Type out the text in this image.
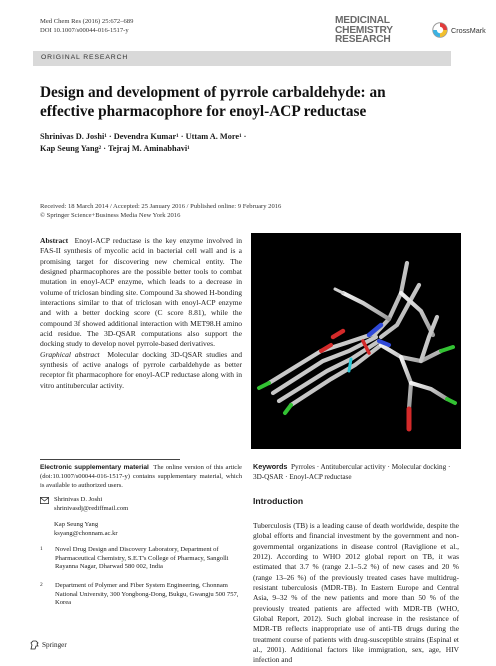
Med Chem Res (2016) 25:672–689
DOI 10.1007/s00044-016-1517-y
MEDICINAL
CHEMISTRY
RESEARCH
CrossMark
ORIGINAL RESEARCH
Design and development of pyrrole carbaldehyde: an effective pharmacophore for enoyl-ACP reductase
Shrinivas D. Joshi¹ · Devendra Kumar¹ · Uttam A. More¹ ·
Kap Seung Yang² · Tejraj M. Aminabhavi¹
Received: 18 March 2014 / Accepted: 25 January 2016 / Published online: 9 February 2016
© Springer Science+Business Media New York 2016

Abstract Enoyl-ACP reductase is the key enzyme involved in FAS-II synthesis of mycolic acid in bacterial cell wall and is a promising target for discovering new chemical entity. The designed pharmacophores are the possible better tools to combat mutation in enoyl-ACP enzyme, which leads to a decrease in volume of triclosan binding site. Compound 3a showed H-bonding interactions similar to that of triclosan with enoyl-ACP enzyme and with a better docking score (C score 8.81), while the compound 3f showed additional interaction with MET98.H amino acid residue. The 3D-QSAR computations also support the docking study to develop novel pyrrole-based derivatives.

Graphical abstract Molecular docking 3D-QSAR studies and synthesis of active analogs of pyrrole carbaldehyde as better receptor fit pharmacophore for enoyl-ACP reductase along with in vitro antitubercular activity.

Keywords Pyrroles · Antitubercular activity · Molecular docking · 3D-QSAR · Enoyl-ACP reductase
Introduction
Tuberculosis (TB) is a leading cause of death worldwide, despite the global efforts and financial investment by the government and non-governmental organizations in disease control (Raviglione et al., 2012). According to WHO 2012 global report on TB, it was estimated that 3.7 % (range 2.1–5.2 %) of new cases and 20 % (range 13–26 %) of the previously treated cases have multidrug-resistant tuberculosis (MDR-TB). In Eastern Europe and Central Asia, 9–32 % of the new patients and more than 50 % of the previously treated patients are affected with MDR-TB (WHO, Global Report, 2012). Such global increase in the resistance of MDR-TB reflects inappropriate use of anti-TB drugs during the treatment course of patients with drug-susceptible strains (Espinal et al., 2001). Additional factors like immigration, sex, age, HIV infection and
Electronic supplementary material The online version of this article (doi:10.1007/s00044-016-1517-y) contains supplementary material, which is available to authorized users.
Shrinivas D. Joshi
shrinivasdj@rediffmail.com
Kap Seung Yang
ksyang@chonnam.ac.kr
1 Novel Drug Design and Discovery Laboratory, Department of Pharmaceutical Chemistry, S.E.T's College of Pharmacy, Sangolli Rayanna Nagar, Dharwad 580 002, India
2 Department of Polymer and Fiber System Engineering, Chonnam National University, 300 Yongbong-Dong, Bukgu, Gwangju 500 757, Korea
Springer
